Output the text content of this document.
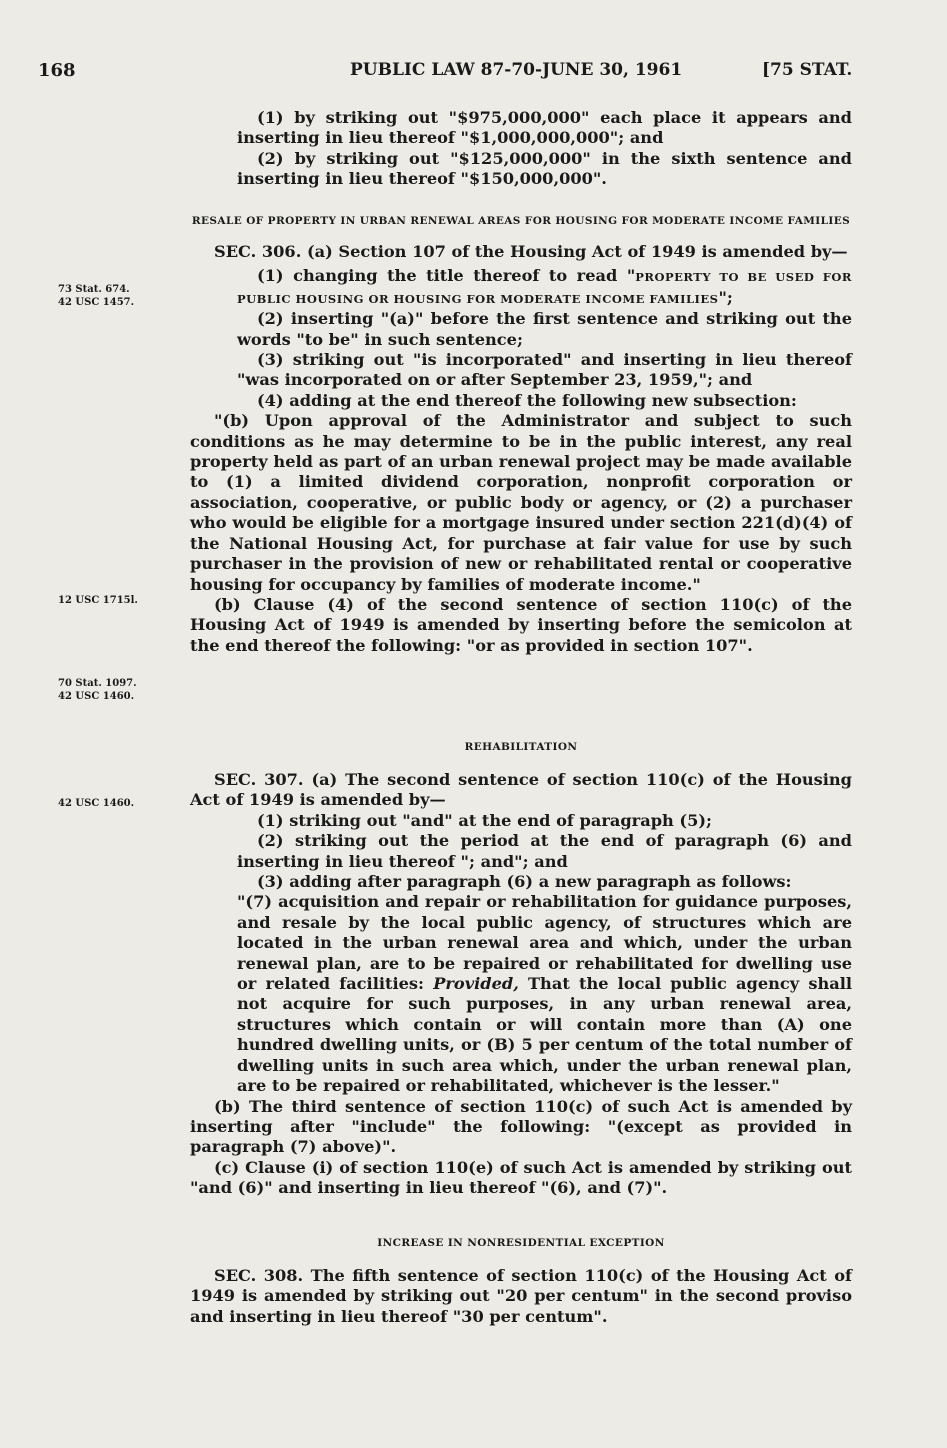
168	PUBLIC LAW 87-70-JUNE 30, 1961	[75 STAT.
73 Stat. 674.
42 USC 1457.
12 USC 1715l.
70 Stat. 1097.
42 USC 1460.
42 USC 1460.

(1) by striking out "$975,000,000" each place it appears and inserting in lieu thereof "$1,000,000,000"; and

(2) by striking out "$125,000,000" in the sixth sentence and inserting in lieu thereof "$150,000,000".

RESALE OF PROPERTY IN URBAN RENEWAL AREAS FOR HOUSING FOR MODERATE INCOME FAMILIES

SEC. 306. (a) Section 107 of the Housing Act of 1949 is amended by—

(1) changing the title thereof to read "PROPERTY TO BE USED FOR PUBLIC HOUSING OR HOUSING FOR MODERATE INCOME FAMILIES";

(2) inserting "(a)" before the first sentence and striking out the words "to be" in such sentence;

(3) striking out "is incorporated" and inserting in lieu thereof "was incorporated on or after September 23, 1959,"; and

(4) adding at the end thereof the following new subsection:

"(b) Upon approval of the Administrator and subject to such conditions as he may determine to be in the public interest, any real property held as part of an urban renewal project may be made available to (1) a limited dividend corporation, nonprofit corporation or association, cooperative, or public body or agency, or (2) a purchaser who would be eligible for a mortgage insured under section 221(d)(4) of the National Housing Act, for purchase at fair value for use by such purchaser in the provision of new or rehabilitated rental or cooperative housing for occupancy by families of moderate income."

(b) Clause (4) of the second sentence of section 110(c) of the Housing Act of 1949 is amended by inserting before the semicolon at the end thereof the following: "or as provided in section 107".

REHABILITATION

SEC. 307. (a) The second sentence of section 110(c) of the Housing Act of 1949 is amended by—

(1) striking out "and" at the end of paragraph (5);

(2) striking out the period at the end of paragraph (6) and inserting in lieu thereof "; and"; and

(3) adding after paragraph (6) a new paragraph as follows:

"(7) acquisition and repair or rehabilitation for guidance purposes, and resale by the local public agency, of structures which are located in the urban renewal area and which, under the urban renewal plan, are to be repaired or rehabilitated for dwelling use or related facilities: Provided, That the local public agency shall not acquire for such purposes, in any urban renewal area, structures which contain or will contain more than (A) one hundred dwelling units, or (B) 5 per centum of the total number of dwelling units in such area which, under the urban renewal plan, are to be repaired or rehabilitated, whichever is the lesser."

(b) The third sentence of section 110(c) of such Act is amended by inserting after "include" the following: "(except as provided in paragraph (7) above)".

(c) Clause (i) of section 110(e) of such Act is amended by striking out "and (6)" and inserting in lieu thereof "(6), and (7)".

INCREASE IN NONRESIDENTIAL EXCEPTION

SEC. 308. The fifth sentence of section 110(c) of the Housing Act of 1949 is amended by striking out "20 per centum" in the second proviso and inserting in lieu thereof "30 per centum".
